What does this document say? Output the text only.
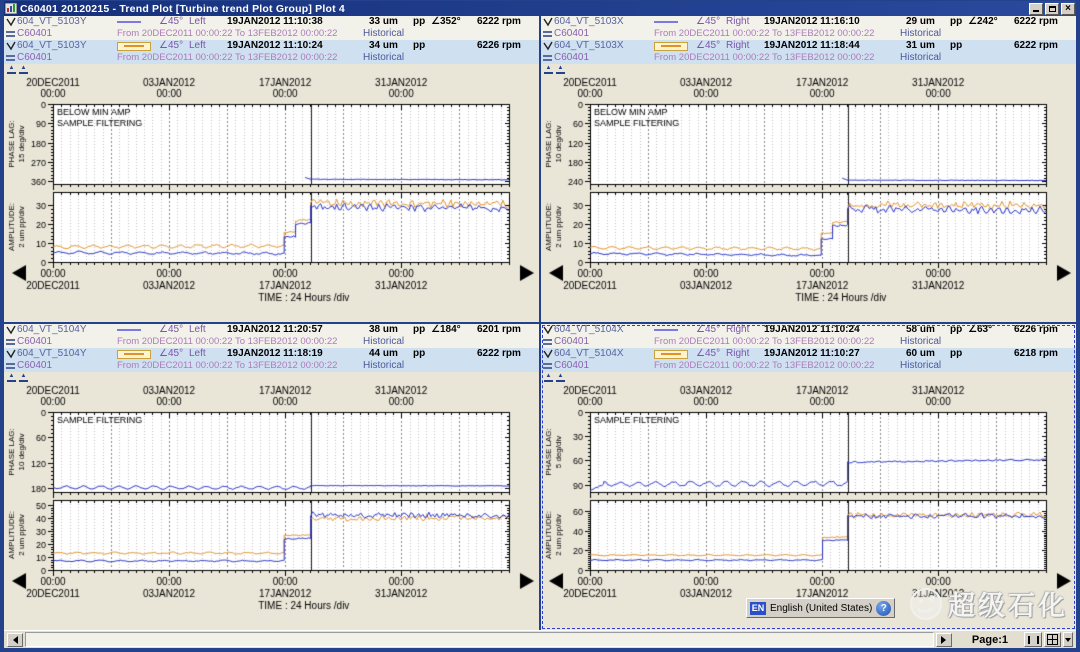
C60401 20120215 - Trend Plot [Turbine trend Plot Group] Plot 4	×
604_VT_5103Y	∠45° Left	19JAN2012 11:10:38	33 um	pp ∠352°	6222 rpm
C60401	From 20DEC2011 00:00:22 To 13FEB2012 00:00:22	Historical
604_VT_5103Y	∠45° Left	19JAN2012 11:10:24	34 um	pp	6226 rpm
C60401	From 20DEC2011 00:00:22 To 13FEB2012 00:00:22	Historical
▲ ▲
604_VT_5103X	∠45° Right	19JAN2012 11:16:10	29 um	pp ∠242°	6222 rpm
C60401	From 20DEC2011 00:00:22 To 13FEB2012 00:00:22	Historical
604_VT_5103X	∠45° Right	19JAN2012 11:18:44	31 um	pp	6222 rpm
C60401	From 20DEC2011 00:00:22 To 13FEB2012 00:00:22	Historical
▲ ▲
604_VT_5104Y	∠45° Left	19JAN2012 11:20:57	38 um	pp ∠184°	6201 rpm
C60401	From 20DEC2011 00:00:22 To 13FEB2012 00:00:22	Historical
604_VT_5104Y	∠45° Left	19JAN2012 11:18:19	44 um	pp	6222 rpm
C60401	From 20DEC2011 00:00:22 To 13FEB2012 00:00:22	Historical
▲ ▲
604_VT_5104X	∠45° Right	19JAN2012 11:10:24	58 um	pp ∠63°	6226 rpm
C60401	From 20DEC2011 00:00:22 To 13FEB2012 00:00:22	Historical
604_VT_5104X	∠45° Right	19JAN2012 11:10:27	60 um	pp	6218 rpm
C60401	From 20DEC2011 00:00:22 To 13FEB2012 00:00:22	Historical
▲ ▲
Page:1
EN English (United States) ? 超级石化
